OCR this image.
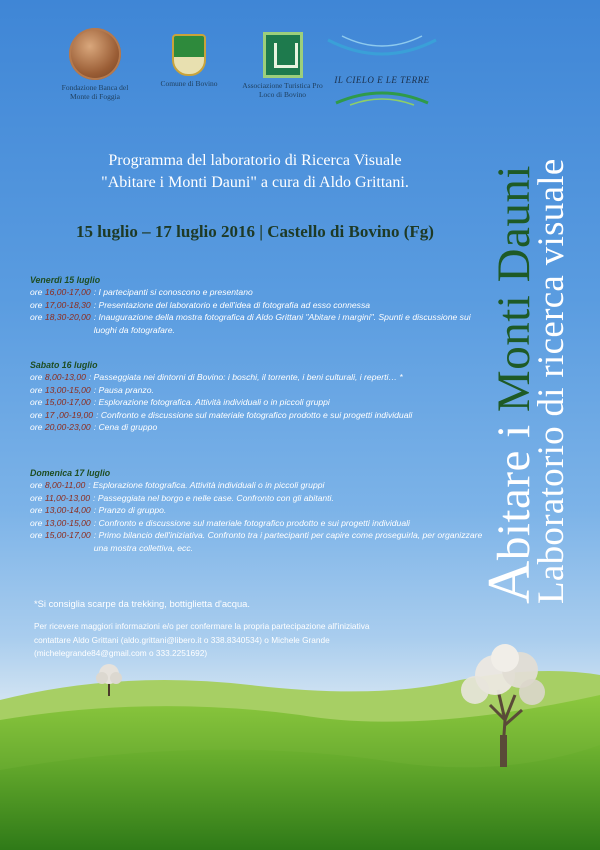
Fondazione Banca del Monte di Foggia
Comune di Bovino	Associazione Turistica Pro Loco di Bovino
IL CIELO E LE TERRE
Programma del laboratorio di Ricerca Visuale
"Abitare i Monti Dauni" a cura di Aldo Grittani.
15 luglio – 17 luglio 2016 | Castello di Bovino (Fg)
Abitare i Monti Dauni
Laboratorio di ricerca visuale
Venerdì 15 luglio
ore 16,00-17,00 : I partecipanti si conoscono e presentano
ore 17,00-18,30 : Presentazione del laboratorio e dell'idea di fotografia ad esso connessa
ore 18,30-20,00 : Inaugurazione della mostra fotografica di Aldo Grittani "Abitare i margini". Spunti e discussione sui luoghi da fotografare.
Sabato 16 luglio
ore 8,00-13,00 : Passeggiata nei dintorni di Bovino: i boschi, il torrente, i beni culturali, i reperti… *
ore 13,00-15,00 : Pausa pranzo.
ore 15,00-17,00 : Esplorazione fotografica. Attività individuali o in piccoli gruppi
ore 17 ,00-19,00 : Confronto e discussione sul materiale fotografico prodotto e sui progetti individuali
ore 20,00-23,00 : Cena di gruppo
Domenica 17 luglio
ore 8,00-11,00 : Esplorazione fotografica. Attività individuali o in piccoli gruppi
ore 11,00-13,00 : Passeggiata nel borgo e nelle case. Confronto con gli abitanti.
ore 13,00-14,00 : Pranzo di gruppo.
ore 13,00-15,00 : Confronto e discussione sul materiale fotografico prodotto e sui progetti individuali
ore 15,00-17,00 : Primo bilancio dell'iniziativa. Confronto tra i partecipanti per capire come proseguirla, per organizzare una mostra collettiva, ecc.
*Si consiglia scarpe da trekking, bottiglietta d'acqua.
Per ricevere maggiori informazioni e/o per confermare la propria partecipazione all'iniziativa contattare Aldo Grittani (aldo.grittani@libero.it o 338.8340534) o Michele Grande (michelegrande84@gmail.com o 333.2251692)
